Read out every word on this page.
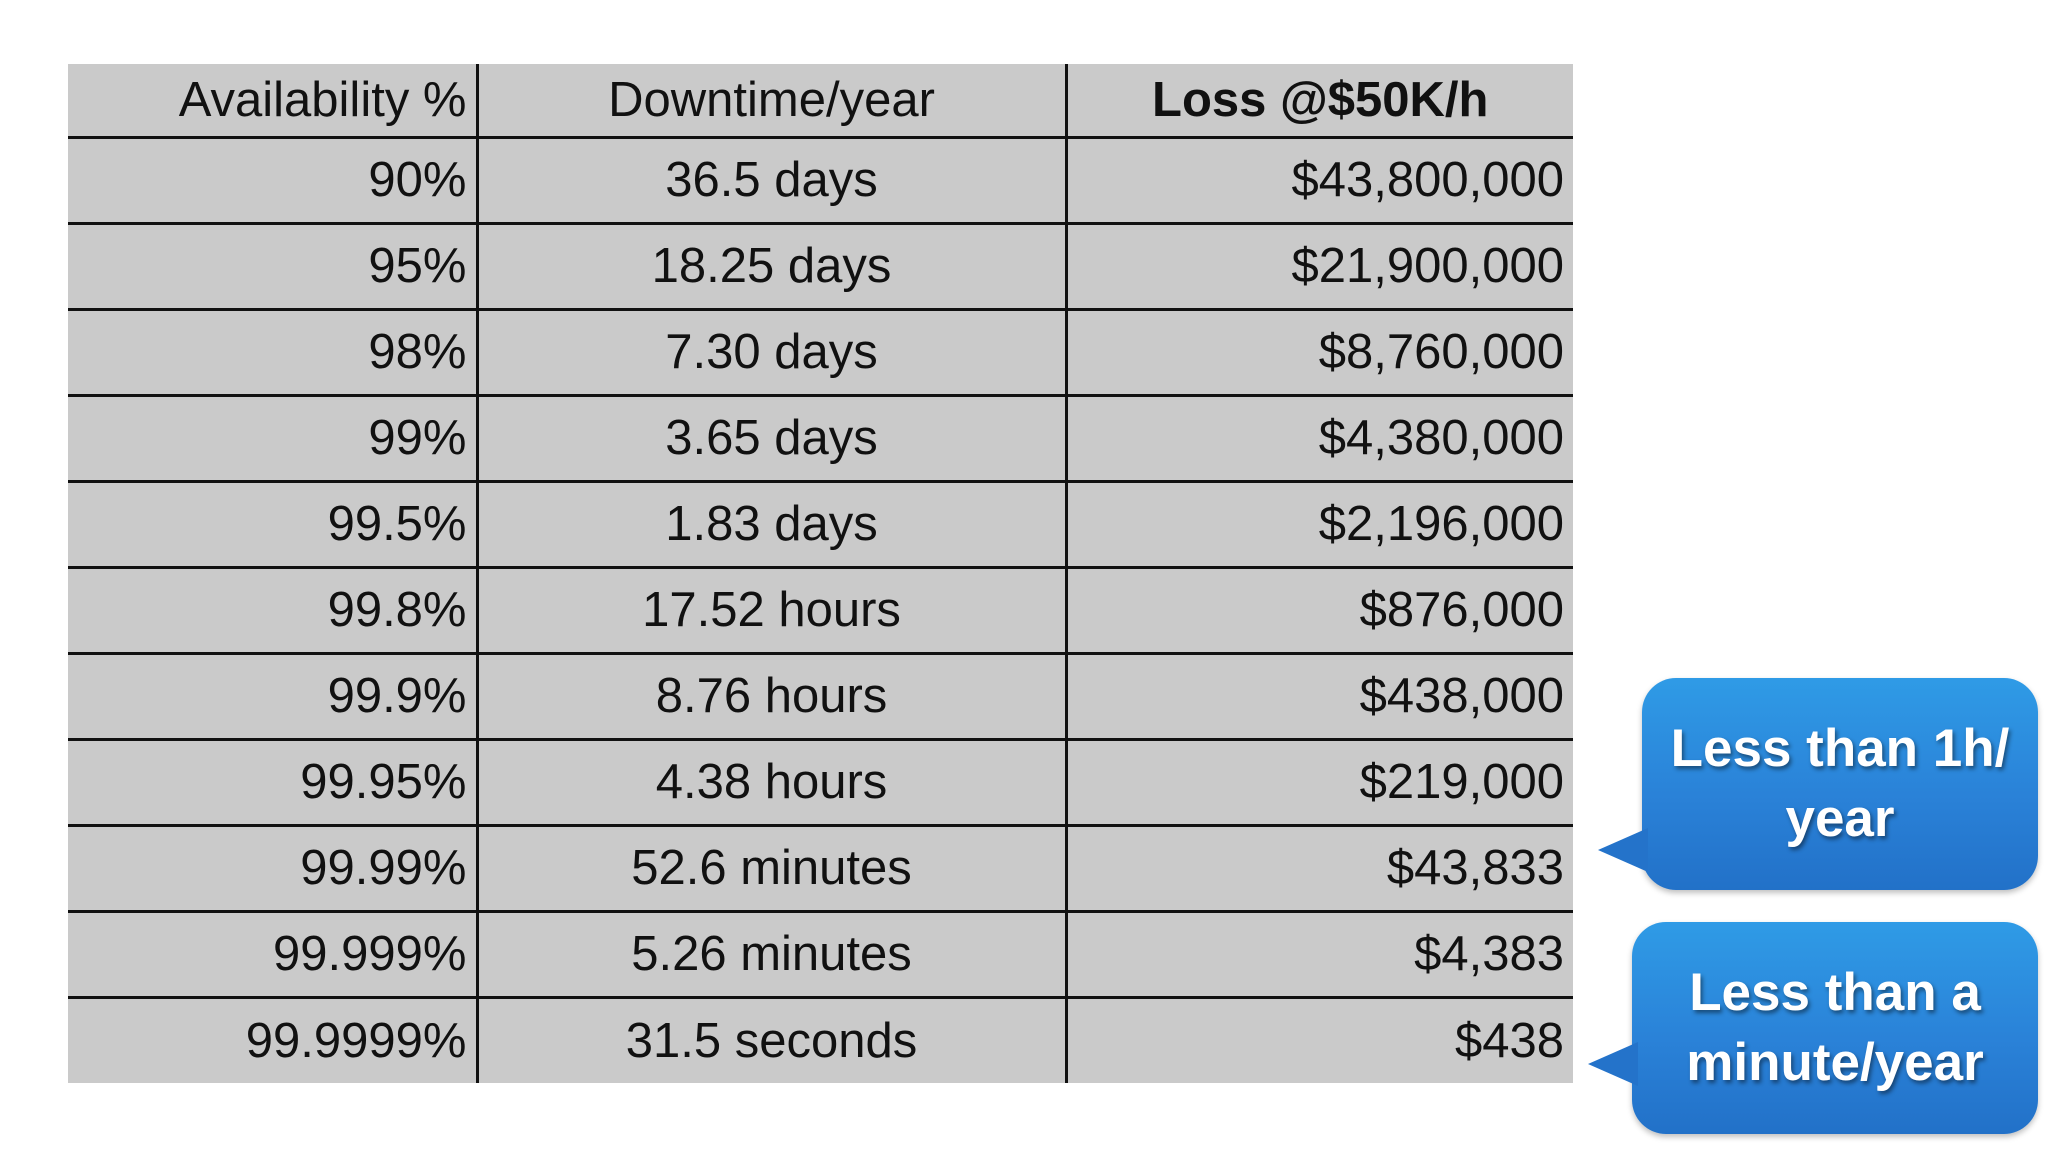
Availability %	Downtime/year	Loss @$50K/h
90%	36.5 days	$43,800,000
95%	18.25 days	$21,900,000
98%	7.30 days	$8,760,000
99%	3.65 days	$4,380,000
99.5%	1.83 days	$2,196,000
99.8%	17.52 hours	$876,000
99.9%	8.76 hours	$438,000
99.95%	4.38 hours	$219,000
99.99%	52.6 minutes	$43,833
99.999%	5.26 minutes	$4,383
99.9999%	31.5 seconds	$438
Less than 1h/ year
Less than a minute/year
